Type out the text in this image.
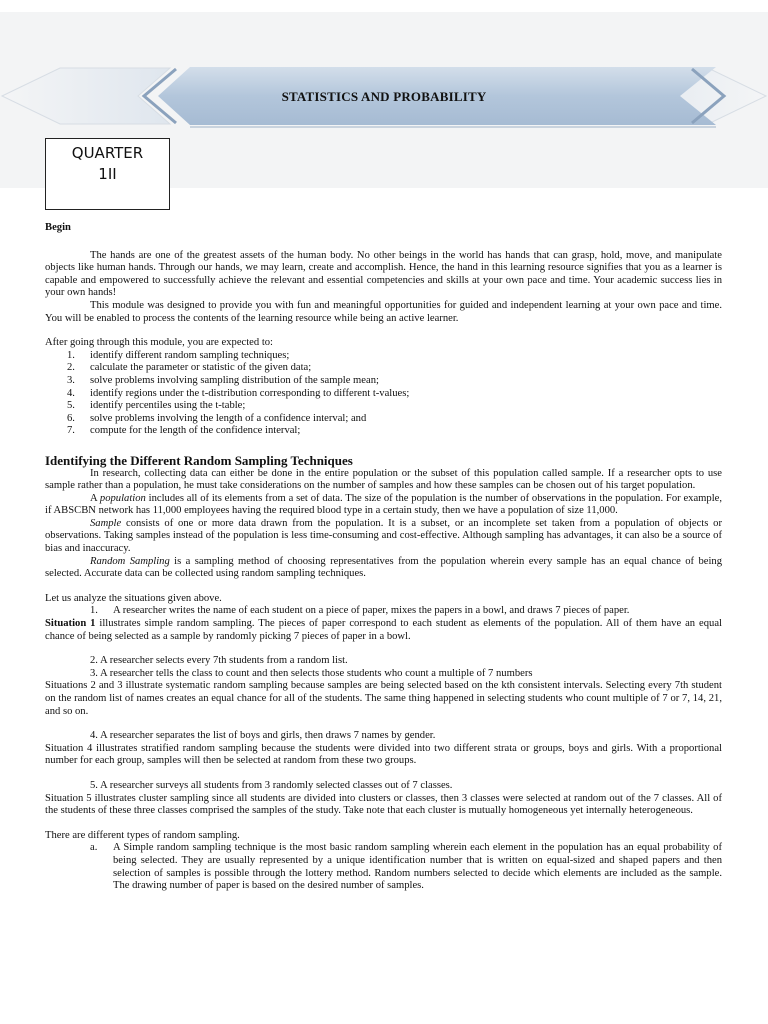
STATISTICS AND PROBABILITY
QUARTER
1II

Begin

The hands are one of the greatest assets of the human body. No other beings in the world has hands that can grasp, hold, move, and manipulate objects like human hands. Through our hands, we may learn, create and accomplish. Hence, the hand in this learning resource signifies that you as a learner is capable and empowered to successfully achieve the relevant and essential competencies and skills at your own pace and time. Your academic success lies in your own hands!

This module was designed to provide you with fun and meaningful opportunities for guided and independent learning at your own pace and time. You will be enabled to process the contents of the learning resource while being an active learner.

After going through this module, you are expected to:

1. identify different random sampling techniques;
2. calculate the parameter or statistic of the given data;
3. solve problems involving sampling distribution of the sample mean;
4. identify regions under the t-distribution corresponding to different t-values;
5. identify percentiles using the t-table;
6. solve problems involving the length of a confidence interval; and
7. compute for the length of the confidence interval;
Identifying the Different Random Sampling Techniques

In research, collecting data can either be done in the entire population or the subset of this population called sample. If a researcher opts to use sample rather than a population, he must take considerations on the number of samples and how these samples can be chosen out of his target population.

A population includes all of its elements from a set of data. The size of the population is the number of observations in the population. For example, if ABSCBN network has 11,000 employees having the required blood type in a certain study, then we have a population of size 11,000.

Sample consists of one or more data drawn from the population. It is a subset, or an incomplete set taken from a population of objects or observations. Taking samples instead of the population is less time-consuming and cost-effective. Although sampling has advantages, it can also be a source of bias and inaccuracy.

Random Sampling is a sampling method of choosing representatives from the population wherein every sample has an equal chance of being selected. Accurate data can be collected using random sampling techniques.

Let us analyze the situations given above.

1. A researcher writes the name of each student on a piece of paper, mixes the papers in a bowl, and draws 7 pieces of paper.

Situation 1 illustrates simple random sampling. The pieces of paper correspond to each student as elements of the population. All of them have an equal chance of being selected as a sample by randomly picking 7 pieces of paper in a bowl.

2. A researcher selects every 7th students from a random list.

3. A researcher tells the class to count and then selects those students who count a multiple of 7 numbers

Situations 2 and 3 illustrate systematic random sampling because samples are being selected based on the kth consistent intervals. Selecting every 7th student on the random list of names creates an equal chance for all of the students. The same thing happened in selecting students who count multiple of 7 or 7, 14, 21, and so on.

4. A researcher separates the list of boys and girls, then draws 7 names by gender.

Situation 4 illustrates stratified random sampling because the students were divided into two different strata or groups, boys and girls. With a proportional number for each group, samples will then be selected at random from these two groups.

5. A researcher surveys all students from 3 randomly selected classes out of 7 classes.

Situation 5 illustrates cluster sampling since all students are divided into clusters or classes, then 3 classes were selected at random out of the 7 classes. All of the students of these three classes comprised the samples of the study. Take note that each cluster is mutually homogeneous yet internally heterogeneous.

There are different types of random sampling.

a. A Simple random sampling technique is the most basic random sampling wherein each element in the population has an equal probability of being selected. They are usually represented by a unique identification number that is written on equal-sized and shaped papers and then selection of samples is possible through the lottery method. Random numbers selected to decide which elements are included as the sample. The drawing number of paper is based on the desired number of samples.
